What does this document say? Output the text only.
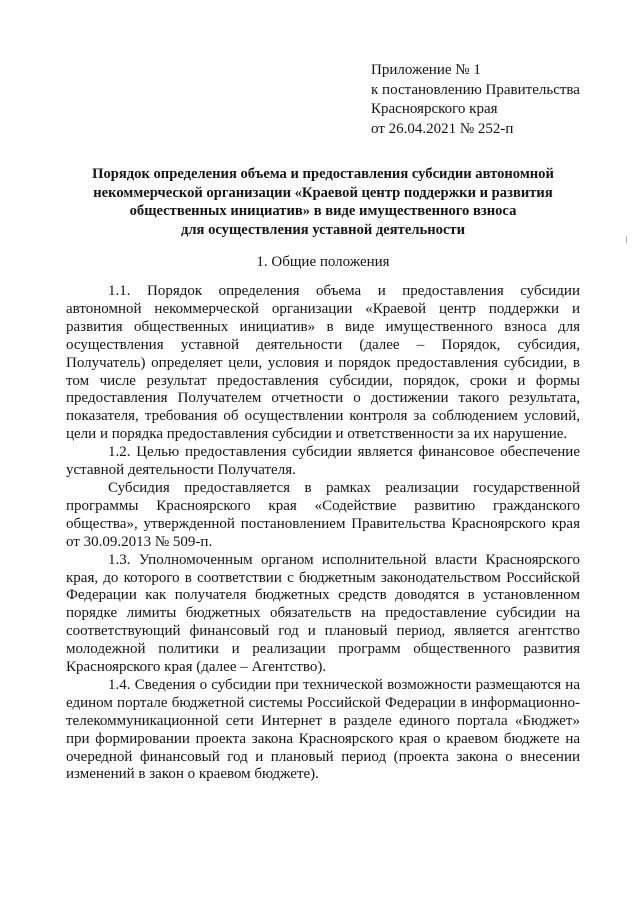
Приложение № 1
к постановлению Правительства
Красноярского края
от 26.04.2021 № 252-п
Порядок определения объема и предоставления субсидии автономной
некоммерческой организации «Краевой центр поддержки и развития
общественных инициатив» в виде имущественного взноса
для осуществления уставной деятельности
1. Общие положения

1.1. Порядок определения объема и предоставления субсидии автономной некоммерческой организации «Краевой центр поддержки и развития общественных инициатив» в виде имущественного взноса для осуществления уставной деятельности (далее – Порядок, субсидия, Получатель) определяет цели, условия и порядок предоставления субсидии, в том числе результат предоставления субсидии, порядок, сроки и формы предоставления Получателем отчетности о достижении такого результата, показателя, требования об осуществлении контроля за соблюдением условий, цели и порядка предоставления субсидии и ответственности за их нарушение.

1.2. Целью предоставления субсидии является финансовое обеспечение уставной деятельности Получателя.

Субсидия предоставляется в рамках реализации государственной программы Красноярского края «Содействие развитию гражданского общества», утвержденной постановлением Правительства Красноярского края от 30.09.2013 № 509-п.

1.3. Уполномоченным органом исполнительной власти Красноярского края, до которого в соответствии с бюджетным законодательством Российской Федерации как получателя бюджетных средств доводятся в установленном порядке лимиты бюджетных обязательств на предоставление субсидии на соответствующий финансовый год и плановый период, является агентство молодежной политики и реализации программ общественного развития Красноярского края (далее – Агентство).

1.4. Сведения о субсидии при технической возможности размещаются на едином портале бюджетной системы Российской Федерации в информационно-телекоммуникационной сети Интернет в разделе единого портала «Бюджет» при формировании проекта закона Красноярского края о краевом бюджете на очередной финансовый год и плановый период (проекта закона о внесении изменений в закон о краевом бюджете).
